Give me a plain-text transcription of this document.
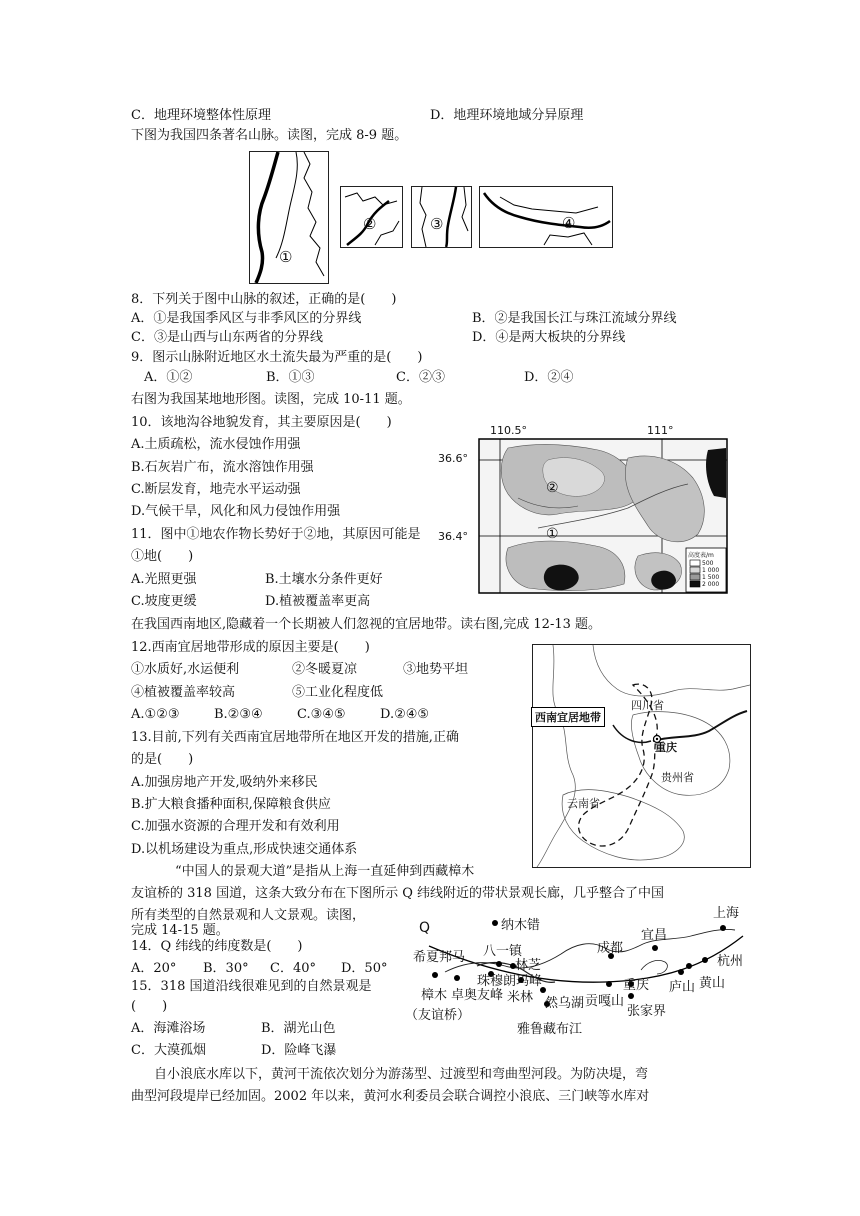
C．地理环境整体性原理	D．地理环境地域分异原理
下图为我国四条著名山脉。读图，完成 8-9 题。
①
②	③	④
8．下列关于图中山脉的叙述，正确的是(　　)
A．①是我国季风区与非季风区的分界线	B．②是我国长江与珠江流域分界线
C．③是山西与山东两省的分界线	D．④是两大板块的分界线
9．图示山脉附近地区水土流失最为严重的是(　　)
A．①②	B．①③	C．②③	D．②④
右图为我国某地地形图。读图，完成 10-11 题。
10．该地沟谷地貌发育，其主要原因是(　　)
A.土质疏松，流水侵蚀作用强
B.石灰岩广布，流水溶蚀作用强
C.断层发育，地壳水平运动强
D.气候干旱，风化和风力侵蚀作用强
11．图中①地农作物长势好于②地，其原因可能是
①地(　　)
A.光照更强	B.土壤水分条件更好
C.坡度更缓	D.植被覆盖率更高
110.5°	111°
36.6°
36.4°
②
①
高度表/m
500
1 000
1 500
2 000
在我国西南地区,隐藏着一个长期被人们忽视的宜居地带。读右图,完成 12-13 题。
12.西南宜居地带形成的原因主要是(　　)
①水质好,水运便利	②冬暖夏凉	③地势平坦
④植被覆盖率较高	⑤工业化程度低
A.①②③	B.②③④	C.③④⑤	D.②④⑤
13.目前,下列有关西南宜居地带所在地区开发的措施,正确
的是(　　)
A.加强房地产开发,吸纳外来移民
B.扩大粮食播种面积,保障粮食供应
C.加强水资源的合理开发和有效利用
D.以机场建设为重点,形成快速交通体系
西南宜居地带
四川省
重庆
贵州省
云南省
“中国人的景观大道”是指从上海一直延伸到西藏樟木
友谊桥的 318 国道，这条大致分布在下图所示 Q 纬线附近的带状景观长廊，几乎整合了中国
所有类型的自然景观和人文景观。读图，
完成 14-15 题。
14．Q 纬线的纬度数是(　　)
A．20° B．30° C．40° D．50°
15．318 国道沿线很难见到的自然景观是
(　　)
A．海滩浴场	B．湖光山色
C．大漠孤烟	D．险峰飞瀑
Q	纳木错
上海
宜昌
成都
希夏邦马 八一镇
林芝	杭州
黄山
庐山
樟木
（友谊桥）
卓奥友峰
珠穆朗玛峰
米林 然乌湖 贡嘎山
重庆
张家界
雅鲁藏布江
自小浪底水库以下，黄河干流依次划分为游荡型、过渡型和弯曲型河段。为防决堤，弯
曲型河段堤岸已经加固。2002 年以来，黄河水利委员会联合调控小浪底、三门峡等水库对
